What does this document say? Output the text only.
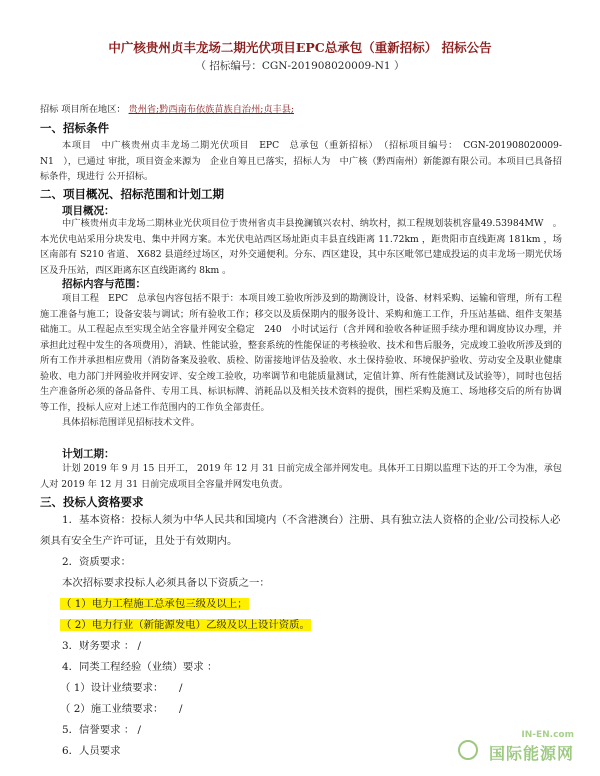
中广核贵州贞丰龙场二期光伏项目EPC总承包（重新招标） 招标公告
（ 招标编号：CGN-201908020009-N1 ）
招标 项目所在地区： 贵州省;黔西南布依族苗族自治州;贞丰县;
一、招标条件

本项目　中广核贵州贞丰龙场二期光伏项目　EPC　总承包（重新招标）　（招标项目编号：　CGN-201908020009-N1　），已通过 审批，项目资金来源为　企业自筹且已落实，招标人为　中广核（黔西南州）新能源有限公司。本项目已具备招标条件，现进行 公开招标。

二、项目概况、招标范围和计划工期
项目概况：

中广核贵州贞丰龙场二期林业光伏项目位于贵州省贞丰县挽澜镇兴农村、纳坎村，拟工程规划装机容量49.53984MW　。本光伏电站采用分块发电、集中并网方案。本光伏电站西区场址距贞丰县直线距离 11.72km ，距贵阳市直线距离 181km ，场区南部有 S210 省道、 X682 县道经过场区，对外交通便利。分东、西区建设，其中东区毗邻已建成投运的贞丰龙场一期光伏场区及升压站，西区距离东区直线距离约 8km 。

招标内容与范围：

项目工程　EPC　总承包内容包括不限于：本项目竣工验收所涉及到的勘测设计，设备、材料采购、运输和管理，所有工程施工准备与施工；设备安装与调试；所有验收工作；移交以及质保期内的服务设计、采购和施工工作，升压站基础、组件支架基础施工。从工程起点至实现全站全容量并网安全稳定　240　小时试运行（含并网和验收各种证照手续办理和调度协议办理，并承担此过程中发生的各项费用），消缺、性能试验，整套系统的性能保证的考核验收、技术和售后服务，完成竣工验收所涉及到的所有工作并承担相应费用（消防备案及验收、质检、防雷接地评估及验收、水土保持验收、环境保护验收、劳动安全及职业健康验收、电力部门并网验收并网安评、安全竣工验收，功率调节和电能质量测试，定值计算、所有性能测试及试验等），同时也包括生产准备所必须的备品备件、专用工具、标识标牌、消耗品以及相关技术资料的提供，围栏采购及施工、场地移交后的所有协调等工作，投标人应对上述工作范围内的工作负全部责任。

具体招标范围详见招标技术文件。

计划工期：

计划 2019 年 9 月 15 日开工， 2019 年 12 月 31 日前完成全部并网发电。具体开工日期以监理下达的开工令为准，承包人对 2019 年 12 月 31 日前完成项目全容量并网发电负责。

三、投标人资格要求

1．基本资格：投标人须为中华人民共和国境内（不含港澳台）注册、具有独立法人资格的企业/公司投标人必须具有安全生产许可证，且处于有效期内。

2．资质要求：

本次招标要求投标人必须具备以下资质之一：

（ 1）电力工程施工总承包三级及以上；

（ 2）电力行业（新能源发电）乙级及以上设计资质。

3．财务要求 ： /

4．同类工程经验（业绩）要求 ：

（ 1）设计业绩要求：　　/

（ 2）施工业绩要求：　　/

5．信誉要求 ： /

6．人员要求

IN-EN.com
国际能源网
